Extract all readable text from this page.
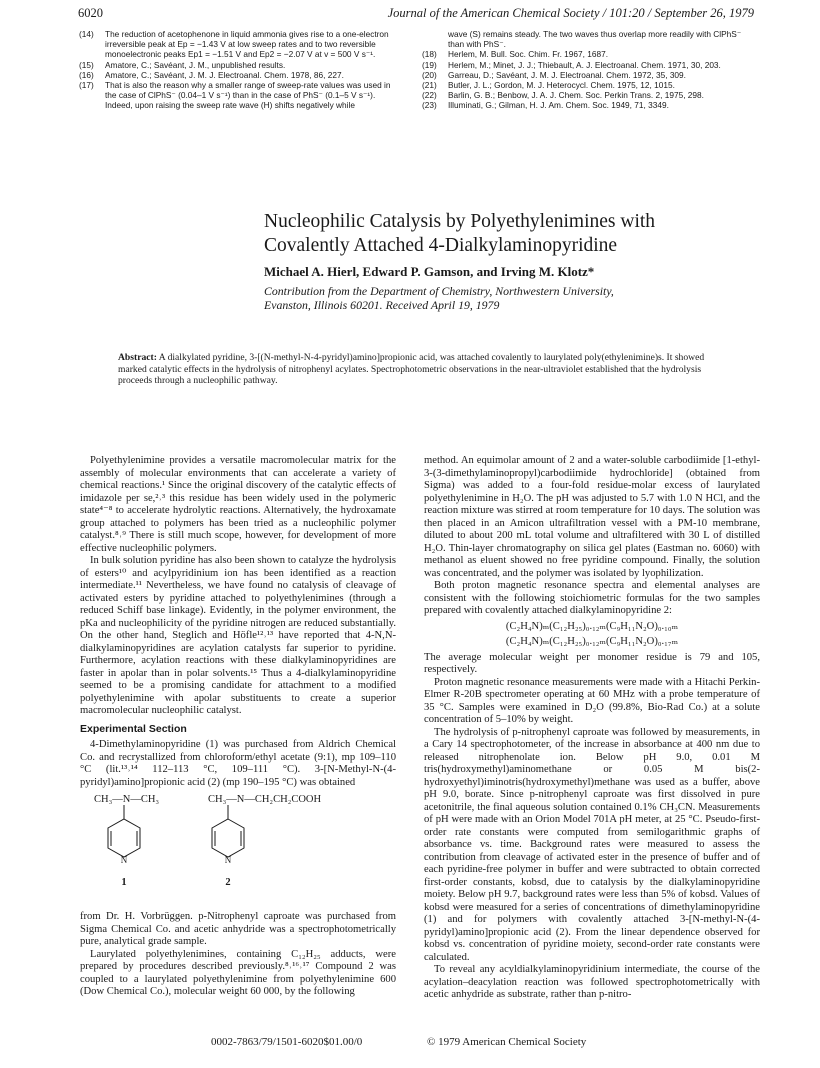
6020	Journal of the American Chemical Society / 101:20 / September 26, 1979
(14)	The reduction of acetophenone in liquid ammonia gives rise to a one-electron irreversible peak at Ep = −1.43 V at low sweep rates and to two reversible monoelectronic peaks Ep1 = −1.51 V and Ep2 = −2.07 V at v = 500 V s⁻¹.
(15)	Amatore, C.; Savéant, J. M., unpublished results.
(16)	Amatore, C.; Savéant, J. M. J. Electroanal. Chem. 1978, 86, 227.
(17)	That is also the reason why a smaller range of sweep-rate values was used in the case of ClPhS⁻ (0.04–1 V s⁻¹) than in the case of PhS⁻ (0.1–5 V s⁻¹). Indeed, upon raising the sweep rate wave (H) shifts negatively while
wave (S) remains steady. The two waves thus overlap more readily with ClPhS⁻ than with PhS⁻.
(18)	Herlem, M. Bull. Soc. Chim. Fr. 1967, 1687.
(19)	Herlem, M.; Minet, J. J.; Thiebault, A. J. Electroanal. Chem. 1971, 30, 203.
(20)	Garreau, D.; Savéant, J. M. J. Electroanal. Chem. 1972, 35, 309.
(21)	Butler, J. L.; Gordon, M. J. Heterocycl. Chem. 1975, 12, 1015.
(22)	Barlin, G. B.; Benbow, J. A. J. Chem. Soc. Perkin Trans. 2, 1975, 298.
(23)	Illuminati, G.; Gilman, H. J. Am. Chem. Soc. 1949, 71, 3349.
Nucleophilic Catalysis by Polyethylenimines with
Covalently Attached 4-Dialkylaminopyridine
Michael A. Hierl, Edward P. Gamson, and Irving M. Klotz*
Contribution from the Department of Chemistry, Northwestern University,
Evanston, Illinois 60201. Received April 19, 1979
Abstract: A dialkylated pyridine, 3-[(N-methyl-N-4-pyridyl)amino]propionic acid, was attached covalently to laurylated poly(ethylenimine)s. It showed marked catalytic effects in the hydrolysis of nitrophenyl acylates. Spectrophotometric observations in the near-ultraviolet established that the hydrolysis proceeds through a nucleophilic pathway.

Polyethylenimine provides a versatile macromolecular matrix for the assembly of molecular environments that can accelerate a variety of chemical reactions.¹ Since the original discovery of the catalytic effects of imidazole per se,²˒³ this residue has been widely used in the polymeric state⁴⁻⁸ to accelerate hydrolytic reactions. Alternatively, the hydroxamate group attached to polymers has been tried as a nucleophilic polymer catalyst.⁸˒⁹ There is still much scope, however, for development of more effective nucleophilic polymers.

In bulk solution pyridine has also been shown to catalyze the hydrolysis of esters¹⁰ and acylpyridinium ion has been identified as a reaction intermediate.¹¹ Nevertheless, we have found no catalysis of cleavage of activated esters by pyridine attached to polyethylenimines (through a reduced Schiff base linkage). Evidently, in the polymer environment, the pKa and nucleophilicity of the pyridine nitrogen are reduced substantially. On the other hand, Steglich and Höfle¹²˒¹³ have reported that 4-N,N-dialkylaminopyridines are acylation catalysts far superior to pyridine. Furthermore, acylation reactions with these dialkylaminopyridines are faster in apolar than in polar solvents.¹⁵ Thus a 4-dialkylaminopyridine seemed to be a promising candidate for attachment to a modified polyethylenimine with apolar substituents to create a superior macromolecular nucleophilic catalyst.

Experimental Section

4-Dimethylaminopyridine (1) was purchased from Aldrich Chemical Co. and recrystallized from chloroform/ethyl acetate (9:1), mp 109–110 °C (lit.¹³˒¹⁴ 112–113 °C, 109–111 °C). 3-[N-Methyl-N-(4-pyridyl)amino]propionic acid (2) (mp 190–195 °C) was obtained

CH₃—N—CH₃	CH₃—N—CH₂CH₂COOH
N	N
1	2

from Dr. H. Vorbrüggen. p-Nitrophenyl caproate was purchased from Sigma Chemical Co. and acetic anhydride was a spectrophotometrically pure, analytical grade sample.

Laurylated polyethylenimines, containing C₁₂H₂₅ adducts, were prepared by procedures described previously.⁸˒¹⁶˒¹⁷ Compound 2 was coupled to a laurylated polyethylenimine from polyethylenimine 600 (Dow Chemical Co.), molecular weight 60 000, by the following

method. An equimolar amount of 2 and a water-soluble carbodiimide [1-ethyl-3-(3-dimethylaminopropyl)carbodiimide hydrochloride] (obtained from Sigma) was added to a four-fold residue-molar excess of laurylated polyethylenimine in H₂O. The pH was adjusted to 5.7 with 1.0 N HCl, and the reaction mixture was stirred at room temperature for 10 days. The solution was then placed in an Amicon ultrafiltration vessel with a PM-10 membrane, diluted to about 200 mL total volume and ultrafiltered with 30 L of distilled H₂O. Thin-layer chromatography on silica gel plates (Eastman no. 6060) with methanol as eluent showed no free pyridine compound. Finally, the solution was concentrated, and the polymer was isolated by lyophilization.

Both proton magnetic resonance spectra and elemental analyses are consistent with the following stoichiometric formulas for the two samples prepared with covalently attached dialkylaminopyridine 2:

(C₂H₄N)ₘ(C₁₂H₂₅)₀.₁₂ₘ(C₉H₁₁N₂O)₀.₁₀ₘ
(C₂H₄N)ₘ(C₁₂H₂₅)₀.₁₂ₘ(C₉H₁₁N₂O)₀.₁₇ₘ

The average molecular weight per monomer residue is 79 and 105, respectively.

Proton magnetic resonance measurements were made with a Hitachi Perkin-Elmer R-20B spectrometer operating at 60 MHz with a probe temperature of 35 °C. Samples were examined in D₂O (99.8%, Bio-Rad Co.) at a solute concentration of 5–10% by weight.

The hydrolysis of p-nitrophenyl caproate was followed by measurements, in a Cary 14 spectrophotometer, of the increase in absorbance at 400 nm due to released nitrophenolate ion. Below pH 9.0, 0.01 M tris(hydroxymethyl)aminomethane or 0.05 M bis(2-hydroxyethyl)iminotris(hydroxymethyl)methane was used as a buffer, above pH 9.0, borate. Since p-nitrophenyl caproate was first dissolved in pure acetonitrile, the final aqueous solution contained 0.1% CH₃CN. Measurements of pH were made with an Orion Model 701A pH meter, at 25 °C. Pseudo-first-order rate constants were computed from semilogarithmic graphs of absorbance vs. time. Background rates were measured to assess the contribution from cleavage of activated ester in the presence of buffer and of each pyridine-free polymer in buffer and were subtracted to obtain corrected first-order constants, kobsd, due to catalysis by the dialkylaminopyridine moiety. Below pH 9.7, background rates were less than 5% of kobsd. Values of kobsd were measured for a series of concentrations of dimethylaminopyridine (1) and for polymers with covalently attached 3-[N-methyl-N-(4-pyridyl)amino]propionic acid (2). From the linear dependence observed for kobsd vs. concentration of pyridine moiety, second-order rate constants were calculated.

To reveal any acyldialkylaminopyridinium intermediate, the course of the acylation–deacylation reaction was followed spectrophotometrically with acetic anhydride as substrate, rather than p-nitro-

0002-7863/79/1501-6020$01.00/0	© 1979 American Chemical Society
